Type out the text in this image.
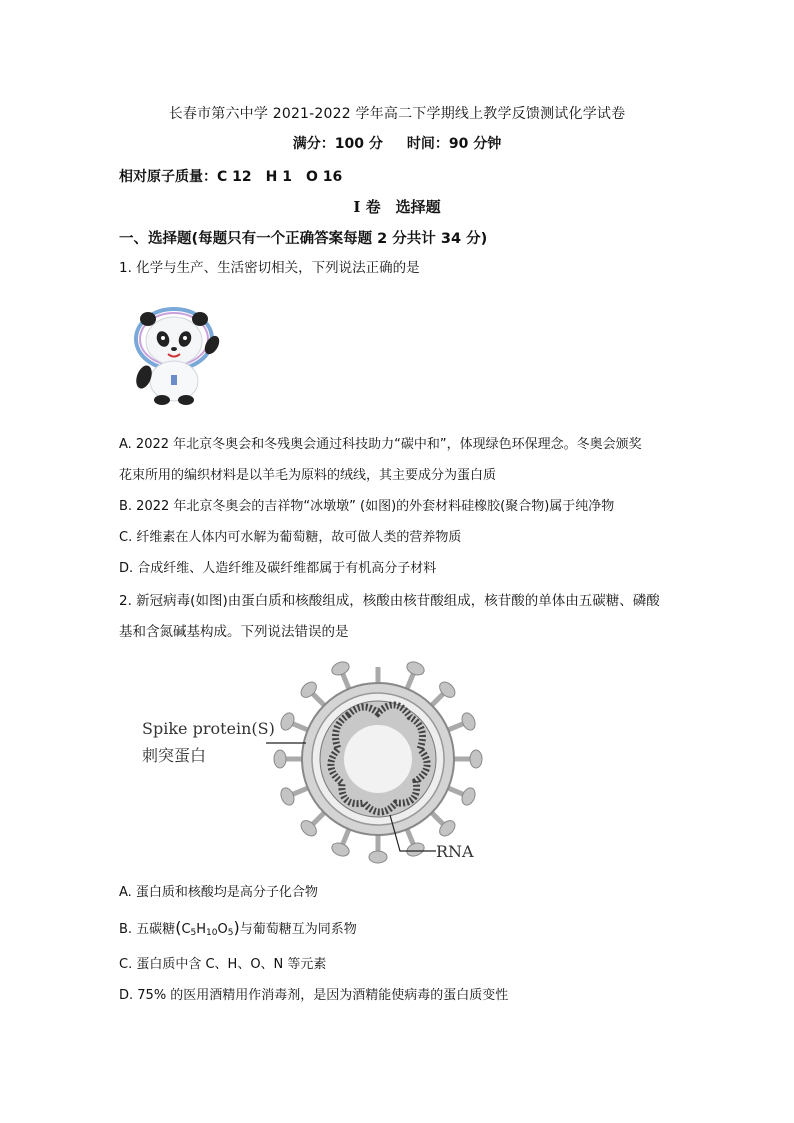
长春市第六中学 2021-2022 学年高二下学期线上教学反馈测试化学试卷
满分：100 分 时间：90 分钟
相对原子质量：C 12　H 1　O 16
I 卷　选择题
一、选择题(每题只有一个正确答案每题 2 分共计 34 分)
1. 化学与生产、生活密切相关，下列说法正确的是
A. 2022 年北京冬奥会和冬残奥会通过科技助力“碳中和”，体现绿色环保理念。冬奥会颁奖
花束所用的编织材料是以羊毛为原料的绒线，其主要成分为蛋白质
B. 2022 年北京冬奥会的吉祥物“冰墩墩” (如图)的外套材料硅橡胶(聚合物)属于纯净物
C. 纤维素在人体内可水解为葡萄糖，故可做人类的营养物质
D. 合成纤维、人造纤维及碳纤维都属于有机高分子材料
2. 新冠病毒(如图)由蛋白质和核酸组成，核酸由核苷酸组成，核苷酸的单体由五碳糖、磷酸
基和含氮碱基构成。下列说法错误的是
Spike protein(S)
刺突蛋白
RNA
A. 蛋白质和核酸均是高分子化合物
B. 五碳糖$(C_5H_{10}O_5)$与葡萄糖互为同系物
C. 蛋白质中含 C、H、O、N 等元素
D. 75% 的医用酒精用作消毒剂，是因为酒精能使病毒的蛋白质变性
